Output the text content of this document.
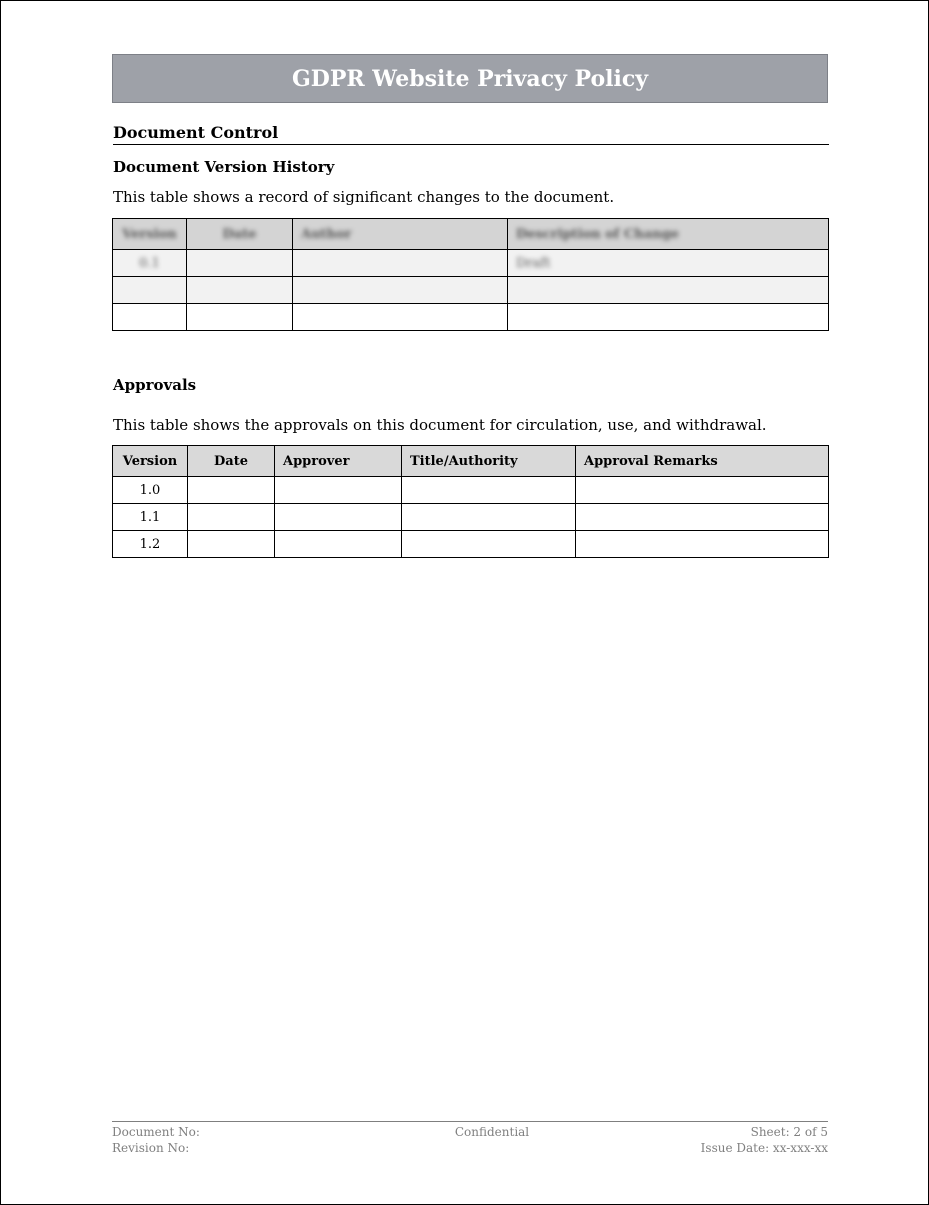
GDPR Website Privacy Policy
Document Control
Document Version History
This table shows a record of significant changes to the document.
Version	Date	Author	Description of Change
0.1			Draft

Approvals
This table shows the approvals on this document for circulation, use, and withdrawal.
Version	Date	Approver	Title/Authority	Approval Remarks
1.0				
1.1				
1.2				
Document No:
Revision No:
Confidential	Sheet: 2 of 5
Issue Date: xx-xxx-xx
